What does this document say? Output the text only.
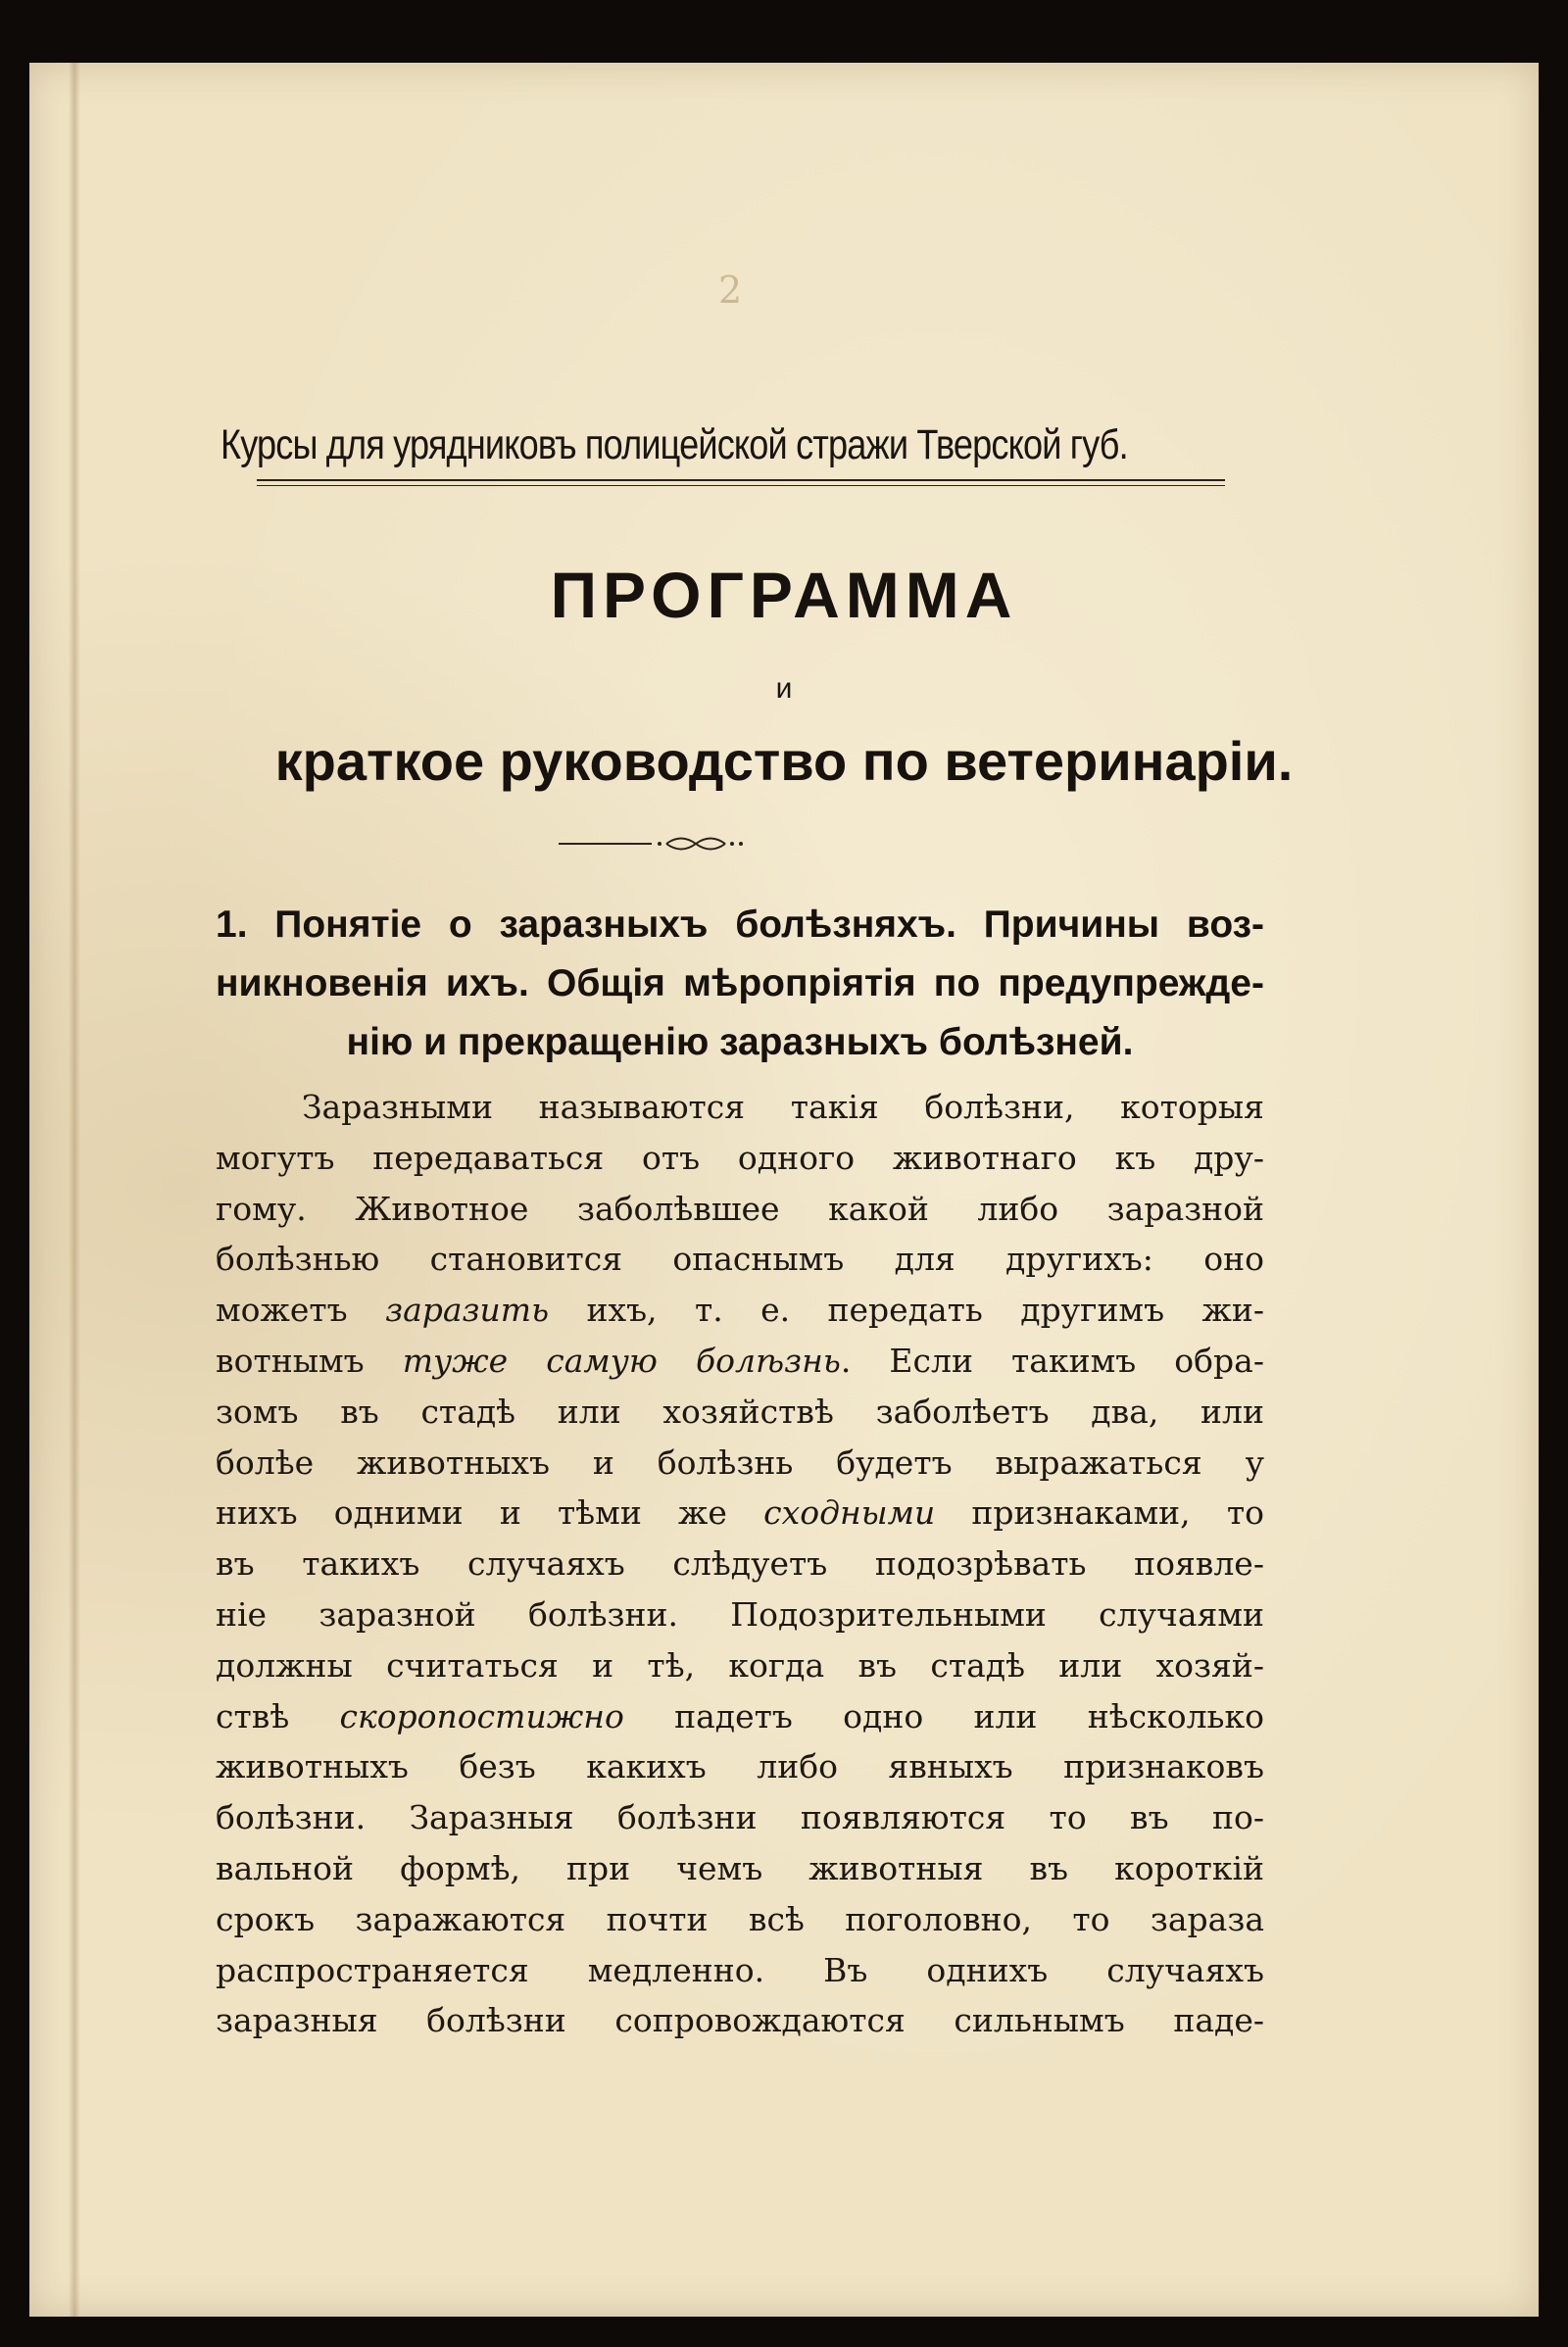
2
Курсы для урядниковъ полицейской стражи Тверской губ.
ПРОГРАММА
и
краткое руководство по ветеринаріи.
1. Понятіе о заразныхъ болѣзняхъ. Причины воз-
никновенія ихъ. Общія мѣропріятія по предупрежде-
нію и прекращенію заразныхъ болѣзней.
Заразными называются такія болѣзни, которыя
могутъ передаваться отъ одного животнаго къ дру-
гому. Животное заболѣвшее какой либо заразной
болѣзнью становится опаснымъ для другихъ: оно
можетъ заразить ихъ, т. е. передать другимъ жи-
вотнымъ туже самую болѣзнь. Если такимъ обра-
зомъ въ стадѣ или хозяйствѣ заболѣетъ два, или
болѣе животныхъ и болѣзнь будетъ выражаться у
нихъ одними и тѣми же сходными признаками, то
въ такихъ случаяхъ слѣдуетъ подозрѣвать появле-
ніе заразной болѣзни. Подозрительными случаями
должны считаться и тѣ, когда въ стадѣ или хозяй-
ствѣ скоропостижно падетъ одно или нѣсколько
животныхъ безъ какихъ либо явныхъ признаковъ
болѣзни. Заразныя болѣзни появляются то въ по-
вальной формѣ, при чемъ животныя въ короткій
срокъ заражаются почти всѣ поголовно, то зараза
распространяется медленно. Въ однихъ случаяхъ
заразныя болѣзни сопровождаются сильнымъ паде-
